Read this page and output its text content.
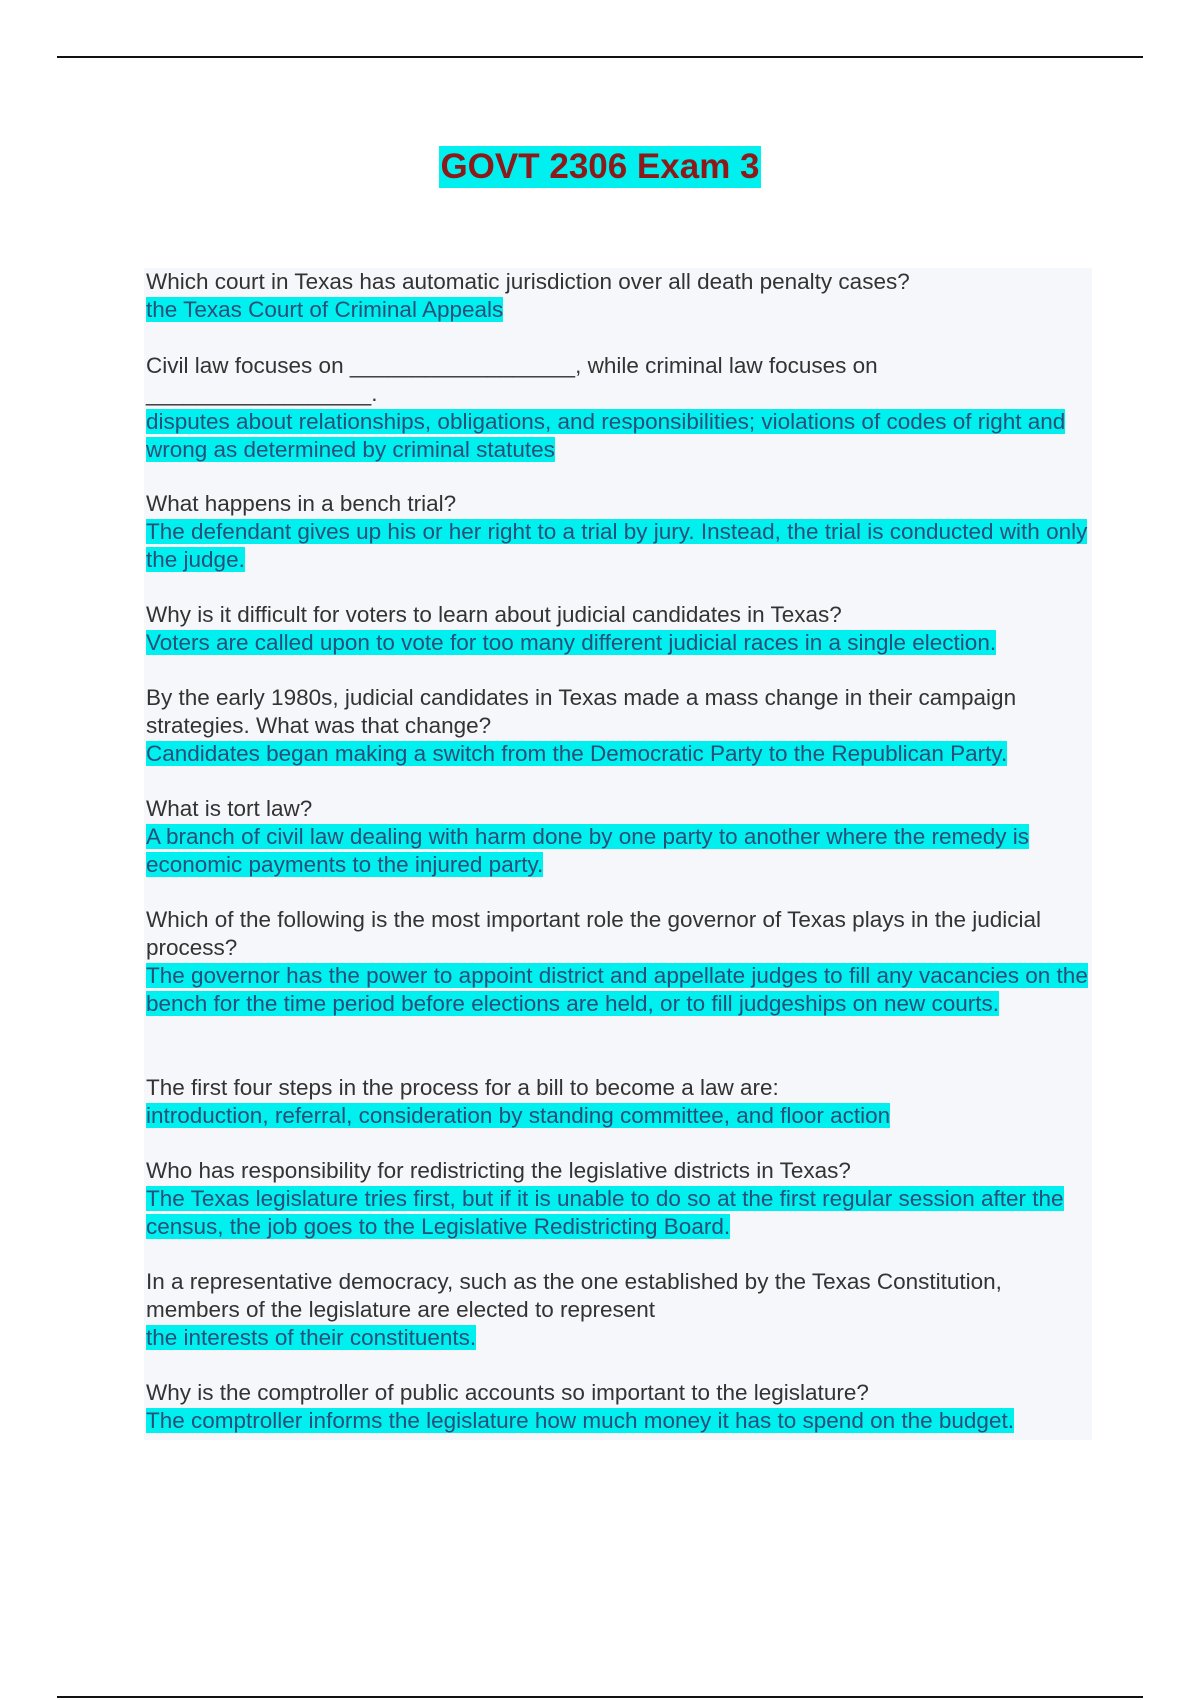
GOVT 2306 Exam 3

Which court in Texas has automatic jurisdiction over all death penalty cases?

the Texas Court of Criminal Appeals

Civil law focuses on __________________, while criminal law focuses on __________________.

disputes about relationships, obligations, and responsibilities; violations of codes of right and wrong as determined by criminal statutes

What happens in a bench trial?

The defendant gives up his or her right to a trial by jury. Instead, the trial is conducted with only the judge.

Why is it difficult for voters to learn about judicial candidates in Texas?

Voters are called upon to vote for too many different judicial races in a single election.

By the early 1980s, judicial candidates in Texas made a mass change in their campaign strategies. What was that change?

Candidates began making a switch from the Democratic Party to the Republican Party.

What is tort law?

A branch of civil law dealing with harm done by one party to another where the remedy is economic payments to the injured party.

Which of the following is the most important role the governor of Texas plays in the judicial process?

The governor has the power to appoint district and appellate judges to fill any vacancies on the bench for the time period before elections are held, or to fill judgeships on new courts.

The first four steps in the process for a bill to become a law are:

introduction, referral, consideration by standing committee, and floor action

Who has responsibility for redistricting the legislative districts in Texas?

The Texas legislature tries first, but if it is unable to do so at the first regular session after the census, the job goes to the Legislative Redistricting Board.

In a representative democracy, such as the one established by the Texas Constitution, members of the legislature are elected to represent

the interests of their constituents.

Why is the comptroller of public accounts so important to the legislature?

The comptroller informs the legislature how much money it has to spend on the budget.
